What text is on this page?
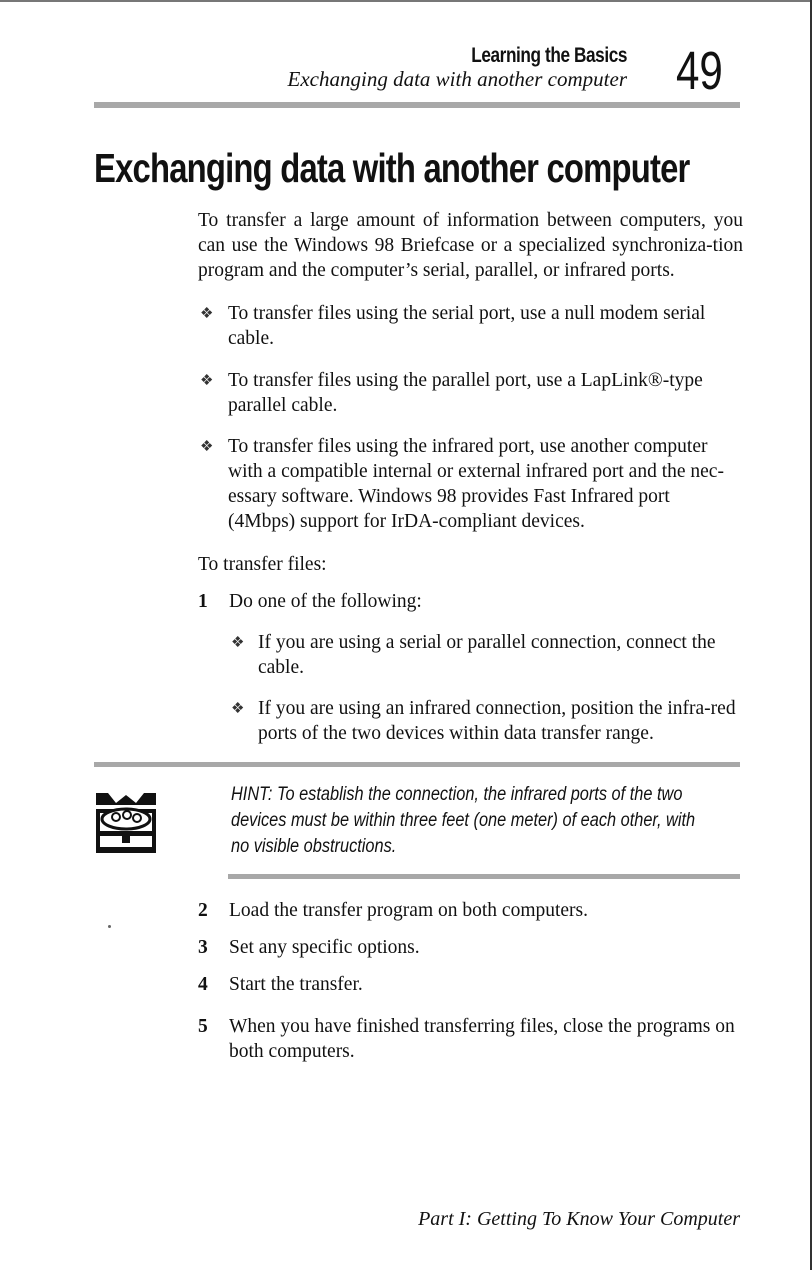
Learning the Basics
Exchanging data with another computer 49
Exchanging data with another computer
To transfer a large amount of information between computers, you can use the Windows 98 Briefcase or a specialized synchroniza-tion program and the computer’s serial, parallel, or infrared ports.
❖ To transfer files using the serial port, use a null modem serial cable.
❖ To transfer files using the parallel port, use a LapLink®-type parallel cable.
❖ To transfer files using the infrared port, use another computer with a compatible internal or external infrared port and the nec-essary software. Windows 98 provides Fast Infrared port (4Mbps) support for IrDA-compliant devices.
To transfer files:
1 Do one of the following:
❖ If you are using a serial or parallel connection, connect the cable.
❖ If you are using an infrared connection, position the infra-red ports of the two devices within data transfer range.
HINT: To establish the connection, the infrared ports of the two devices must be within three feet (one meter) of each other, with no visible obstructions.
2 Load the transfer program on both computers.
3 Set any specific options.
4 Start the transfer.
5 When you have finished transferring files, close the programs on both computers.
Part I: Getting To Know Your Computer
